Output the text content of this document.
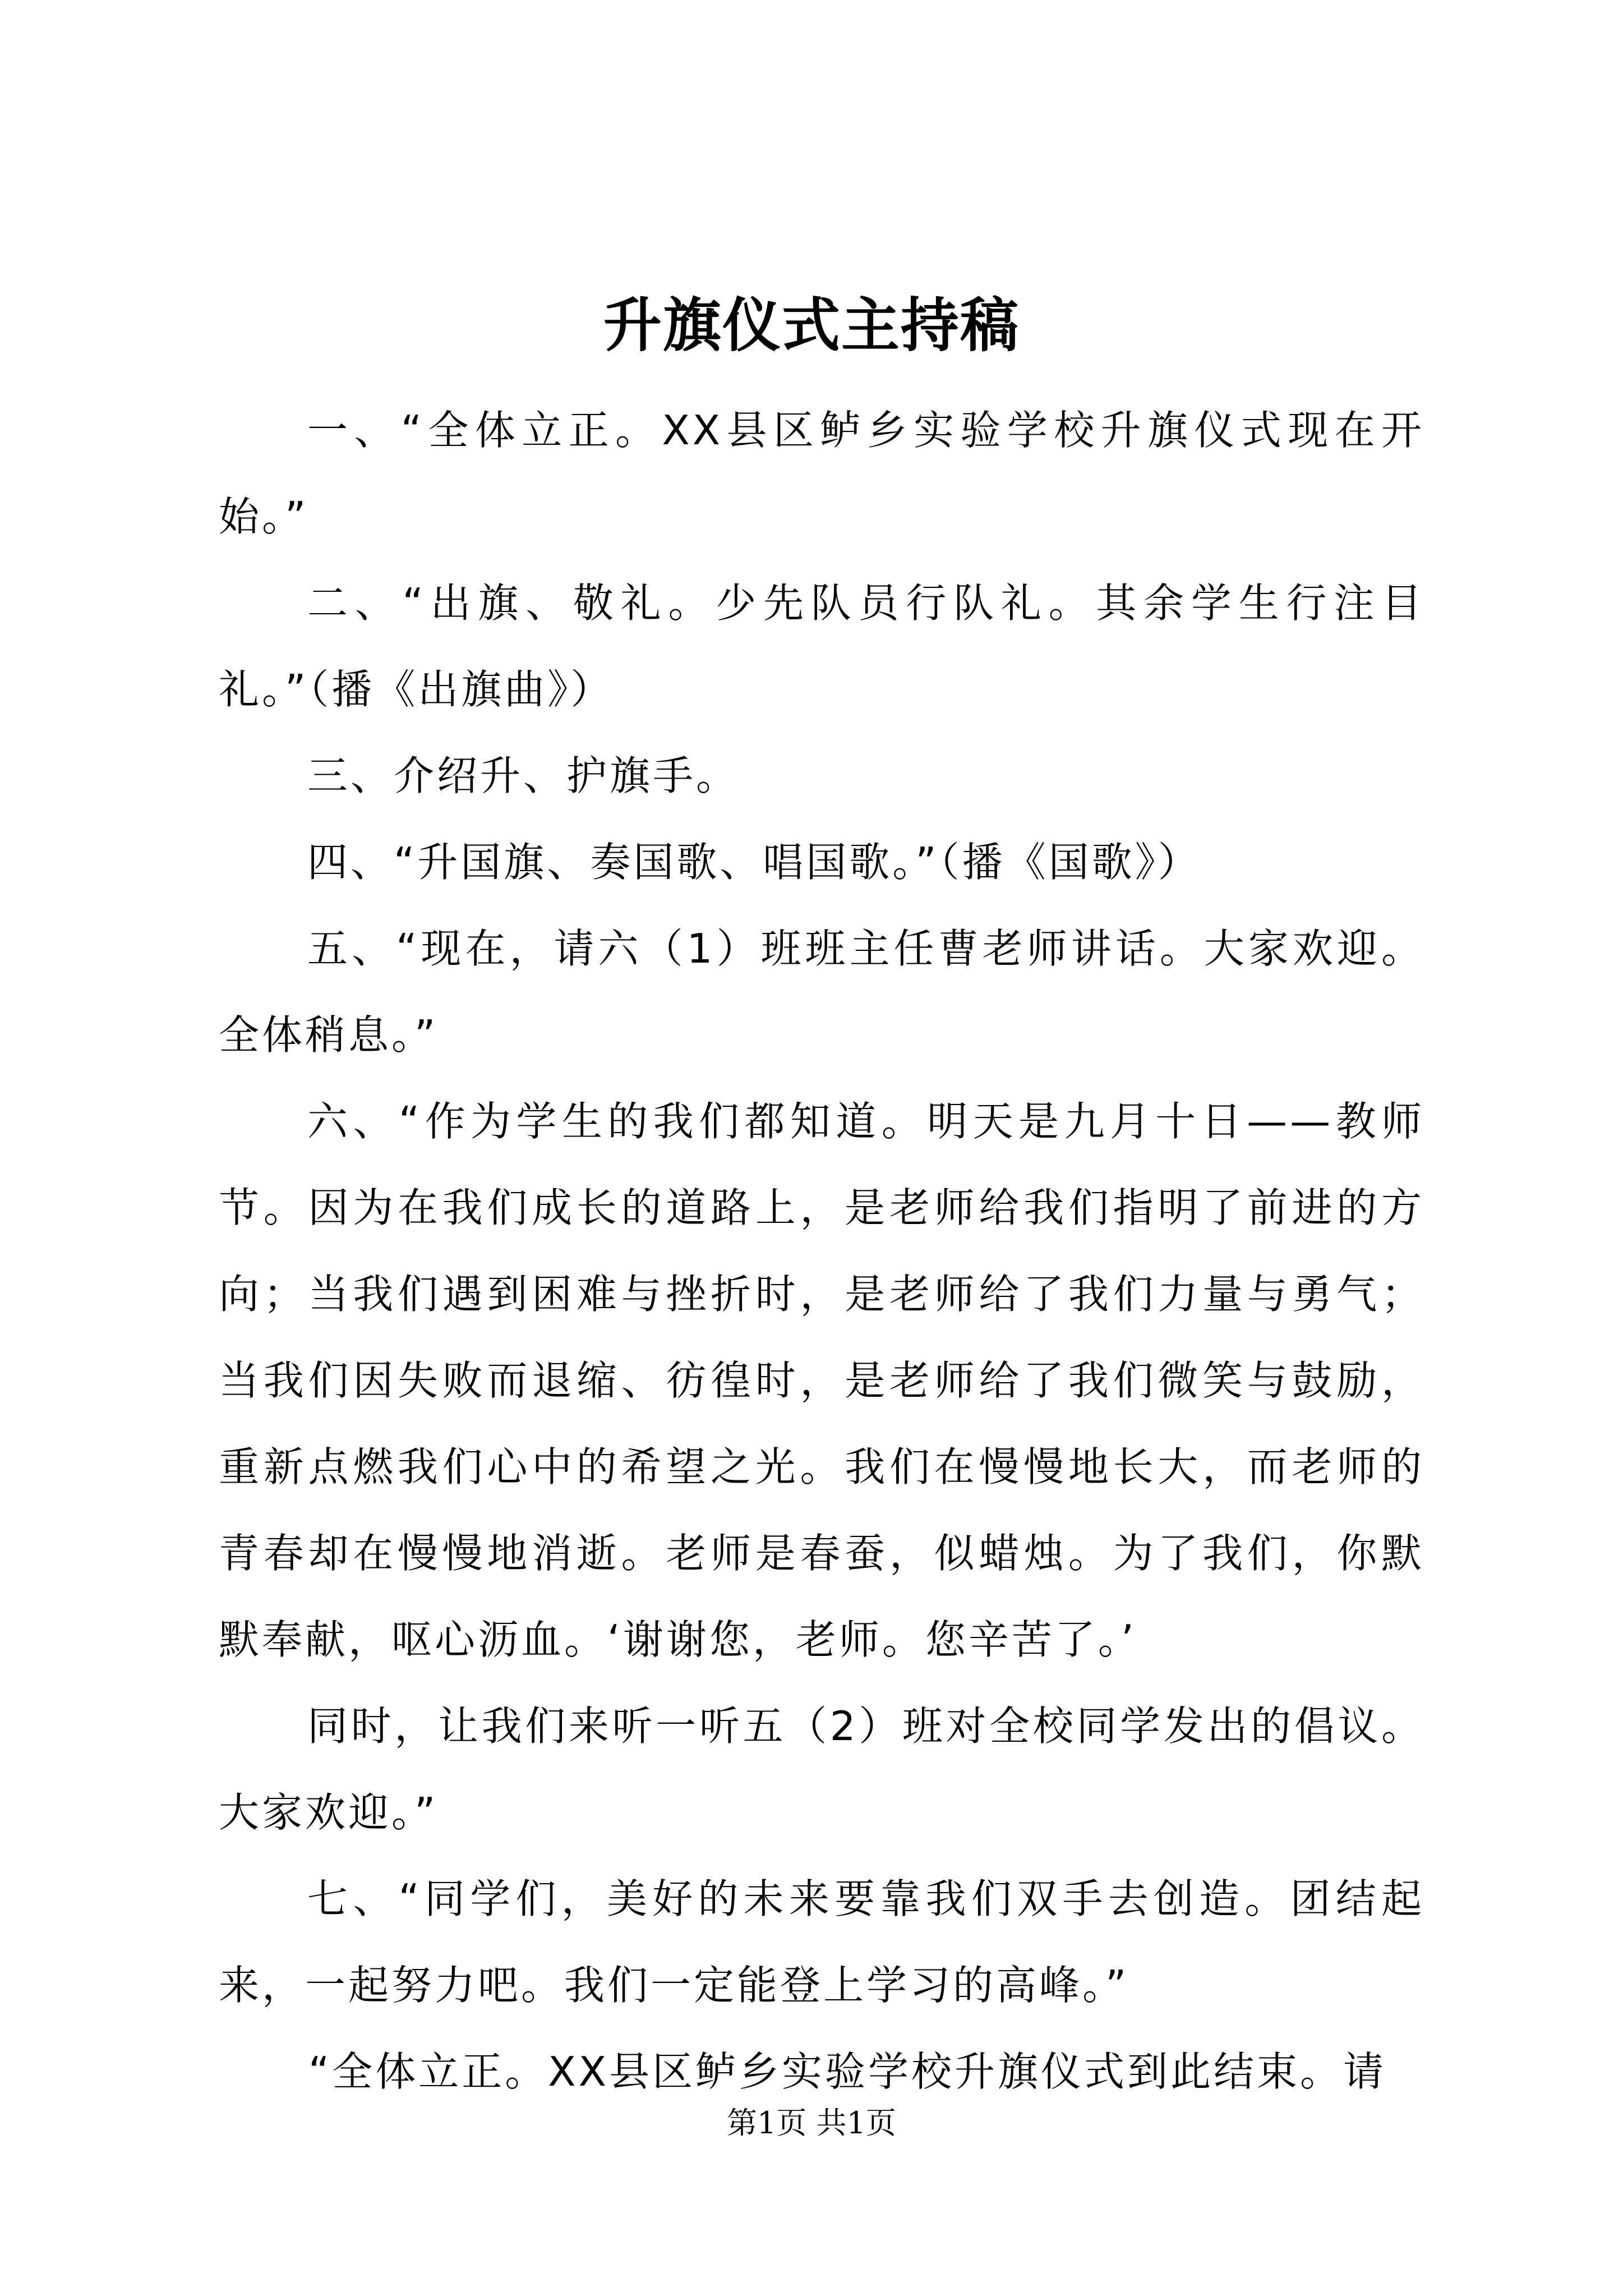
升旗仪式主持稿

一、“全体立正。XX县区鲈乡实验学校升旗仪式现在开始。”

二、“出旗、敬礼。少先队员行队礼。其余学生行注目礼。”（播《出旗曲》）

三、介绍升、护旗手。

四、“升国旗、奏国歌、唱国歌。”（播《国歌》）

五、“现在，请六（1）班班主任曹老师讲话。大家欢迎。全体稍息。”

六、“作为学生的我们都知道。明天是九月十日——教师节。因为在我们成长的道路上，是老师给我们指明了前进的方向；当我们遇到困难与挫折时，是老师给了我们力量与勇气；当我们因失败而退缩、彷徨时，是老师给了我们微笑与鼓励，重新点燃我们心中的希望之光。我们在慢慢地长大，而老师的青春却在慢慢地消逝。老师是春蚕，似蜡烛。为了我们，你默默奉献，呕心沥血。‘谢谢您，老师。您辛苦了。’

同时，让我们来听一听五（2）班对全校同学发出的倡议。大家欢迎。”

七、“同学们，美好的未来要靠我们双手去创造。团结起来，一起努力吧。我们一定能登上学习的高峰。”

“全体立正。XX县区鲈乡实验学校升旗仪式到此结束。请

第1页 共1页
